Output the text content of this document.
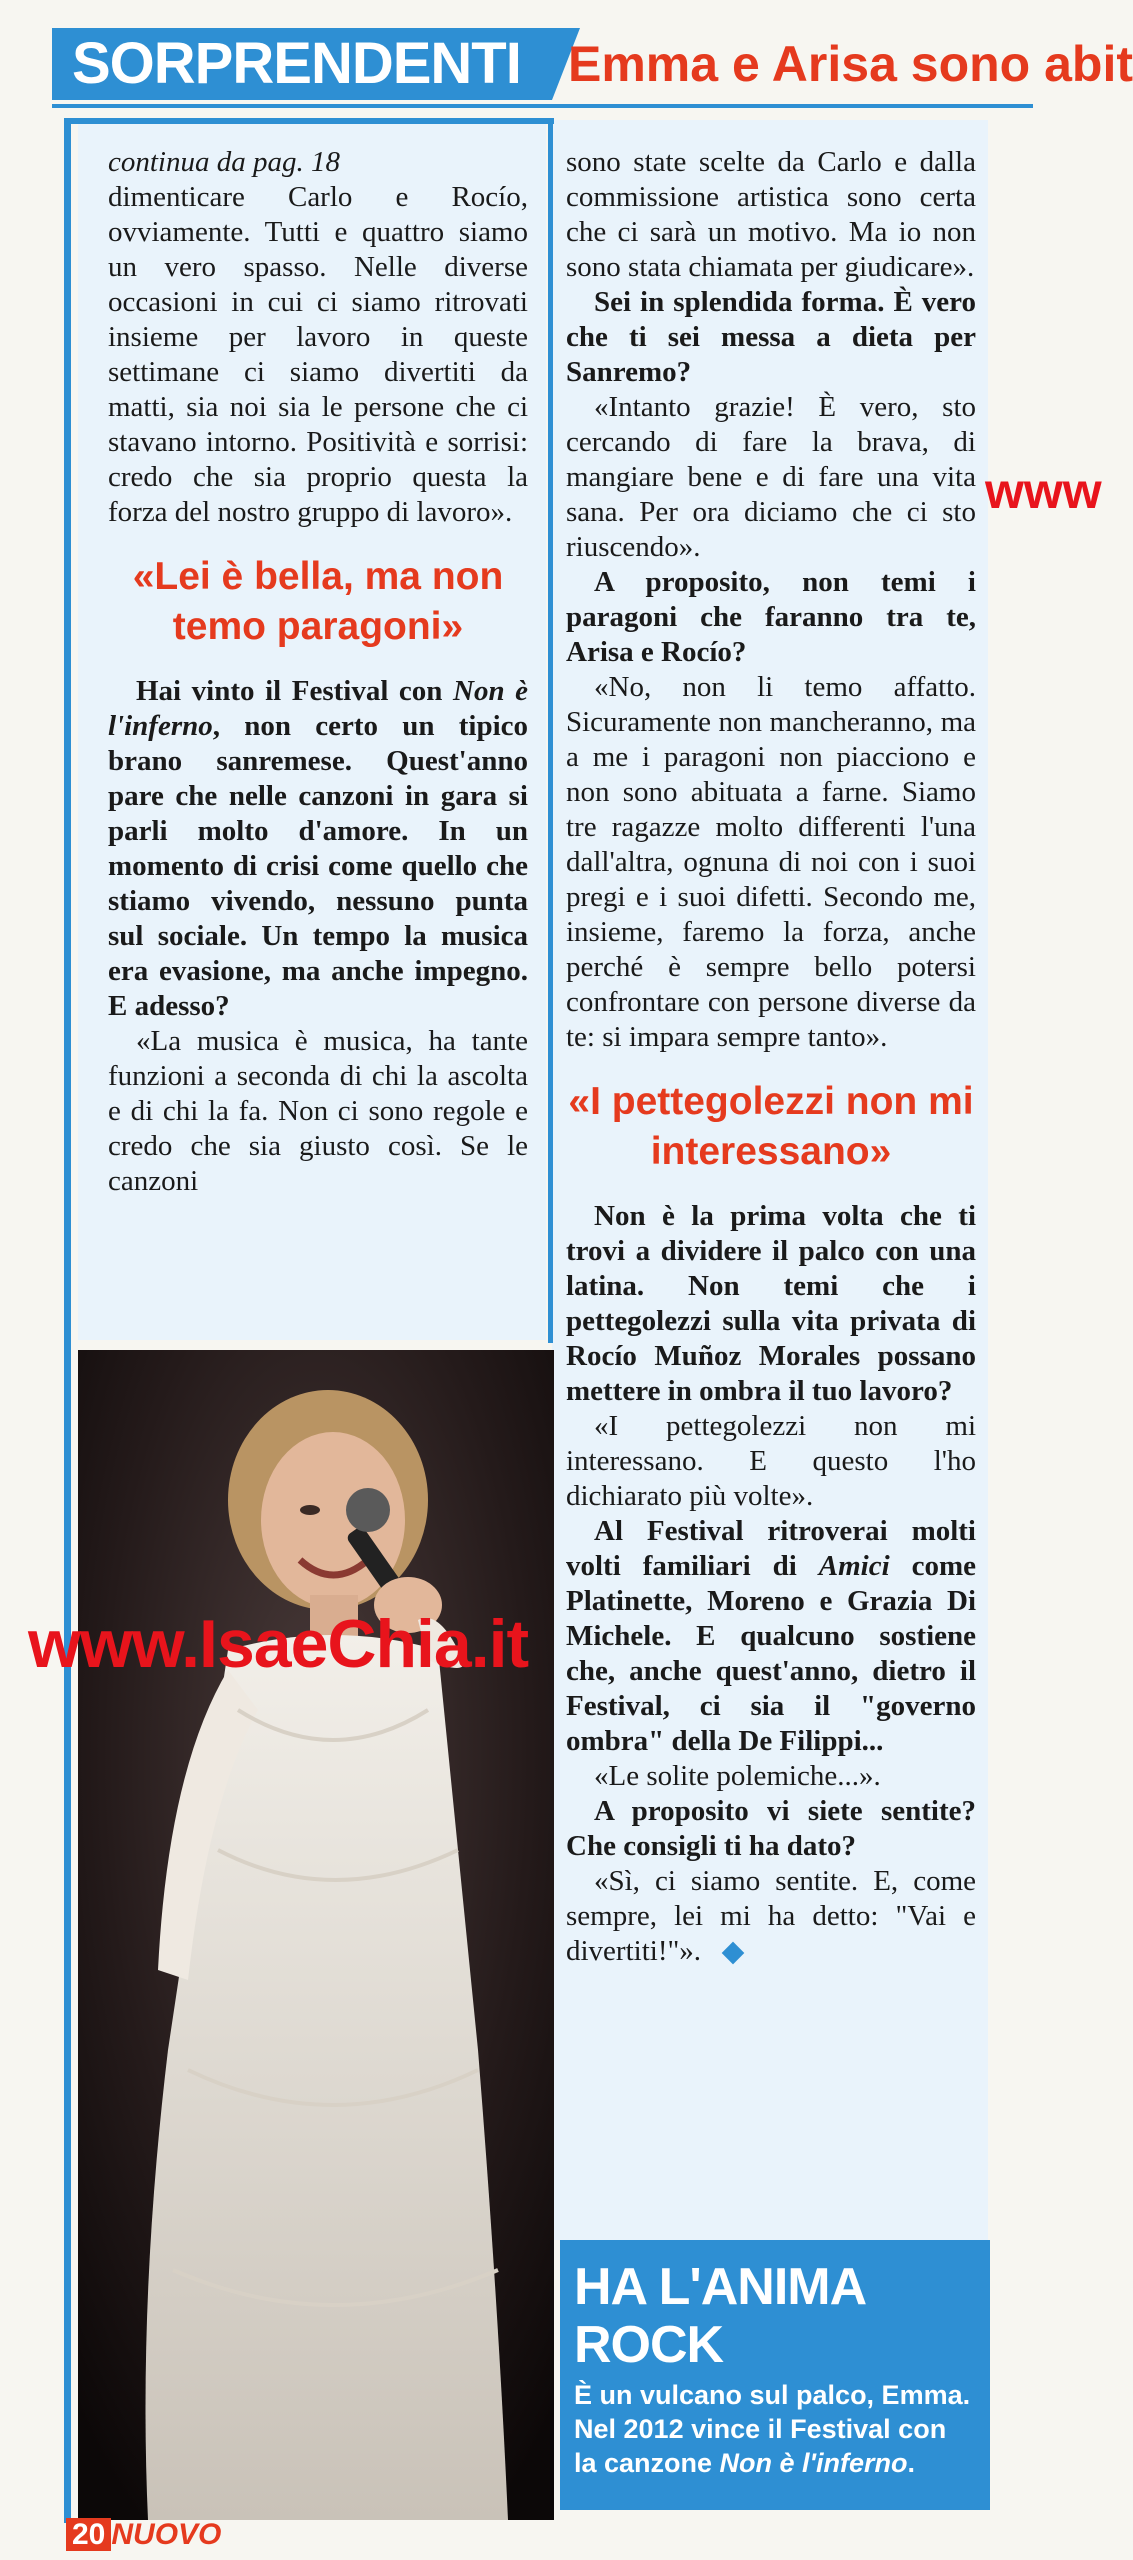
SORPRENDENTI Emma e Arisa sono abit

continua da pag. 18

dimenticare Carlo e Rocío, ovviamente. Tutti e quattro siamo un vero spasso. Nelle diverse occasioni in cui ci siamo ritrovati insieme per lavoro in queste settimane ci siamo divertiti da matti, sia noi sia le persone che ci stavano intorno. Positività e sorrisi: credo che sia proprio questa la forza del nostro gruppo di lavoro».

«Lei è bella, ma non temo paragoni»

Hai vinto il Festival con Non è l'inferno, non certo un tipico brano sanremese. Quest'anno pare che nelle canzoni in gara si parli molto d'amore. In un momento di crisi come quello che stiamo vivendo, nessuno punta sul sociale. Un tempo la musica era evasione, ma anche impegno. E adesso?

«La musica è musica, ha tante funzioni a seconda di chi la ascolta e di chi la fa. Non ci sono regole e credo che sia giusto così. Se le canzoni

sono state scelte da Carlo e dalla commissione artistica sono certa che ci sarà un motivo. Ma io non sono stata chiamata per giudicare».

Sei in splendida forma. È vero che ti sei messa a dieta per Sanremo?

«Intanto grazie! È vero, sto cercando di fare la brava, di mangiare bene e di fare una vita sana. Per ora diciamo che ci sto riuscendo».

A proposito, non temi i paragoni che faranno tra te, Arisa e Rocío?

«No, non li temo affatto. Sicuramente non mancheranno, ma a me i paragoni non piacciono e non sono abituata a farne. Siamo tre ragazze molto differenti l'una dall'altra, ognuna di noi con i suoi pregi e i suoi difetti. Secondo me, insieme, faremo la forza, anche perché è sempre bello potersi confrontare con persone diverse da te: si impara sempre tanto».

«I pettegolezzi non mi interessano»

Non è la prima volta che ti trovi a dividere il palco con una latina. Non temi che i pettegolezzi sulla vita privata di Rocío Muñoz Morales possano mettere in ombra il tuo lavoro?

«I pettegolezzi non mi interessano. E questo l'ho dichiarato più volte».

Al Festival ritroverai molti volti familiari di Amici come Platinette, Moreno e Grazia Di Michele. E qualcuno sostiene che, anche quest'anno, dietro il Festival, ci sia il "governo ombra" della De Filippi...

«Le solite polemiche...».

A proposito vi siete sentite? Che consigli ti ha dato?

«Sì, ci siamo sentite. E, come sempre, lei mi ha detto: "Vai e divertiti!"».

www.IsaeChia.it
www
HA L'ANIMA ROCK
È un vulcano sul palco, Emma. Nel 2012 vince il Festival con la canzone Non è l'inferno.
20 NUOVO
